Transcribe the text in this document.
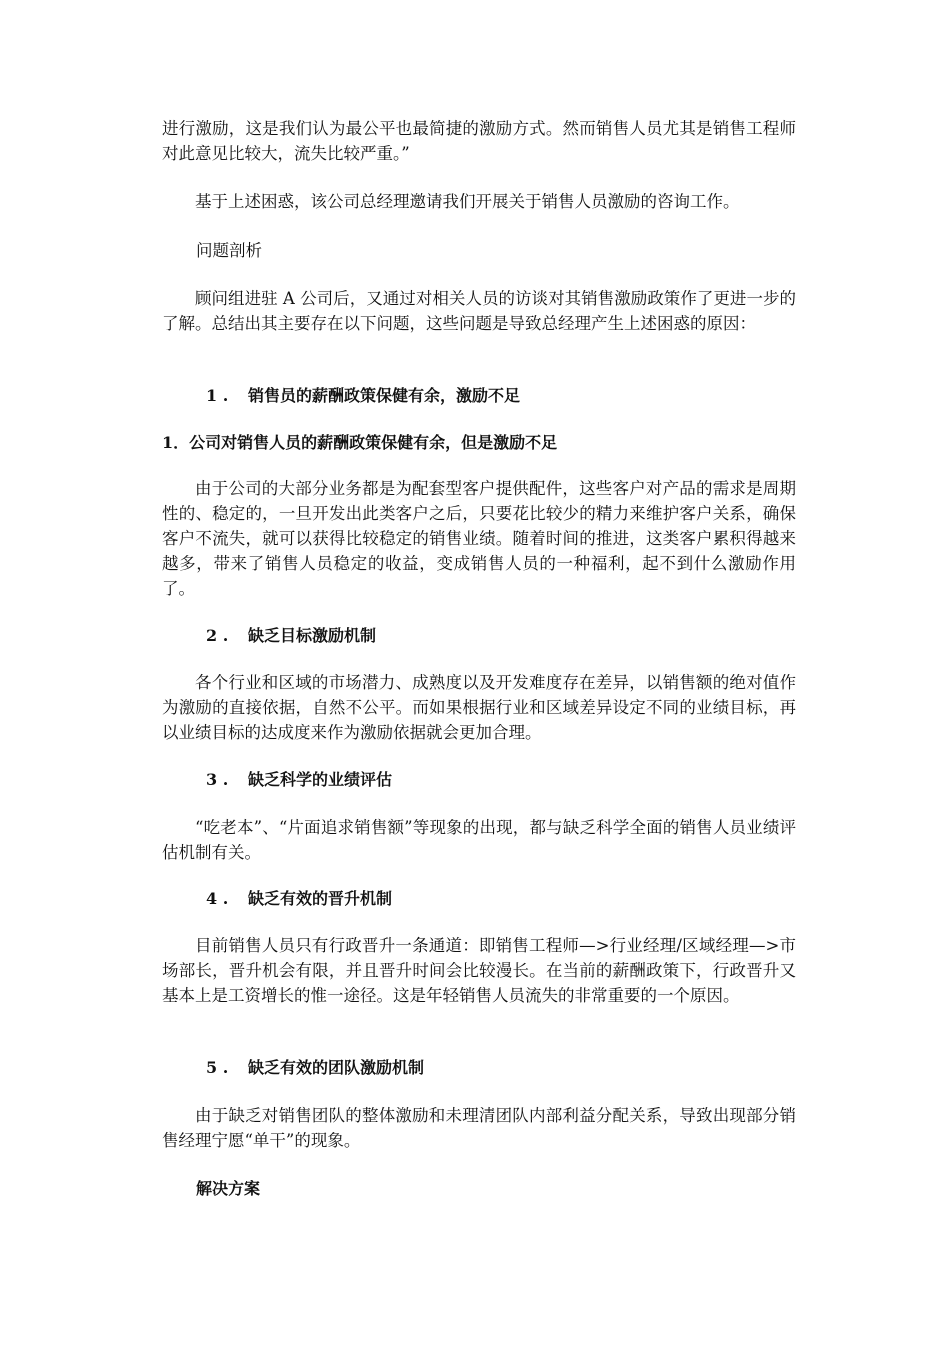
进行激励，这是我们认为最公平也最简捷的激励方式。然而销售人员尤其是销售工程师对此意见比较大，流失比较严重。”

基于上述困惑，该公司总经理邀请我们开展关于销售人员激励的咨询工作。

问题剖析

顾问组进驻 A 公司后，又通过对相关人员的访谈对其销售激励政策作了更进一步的了解。总结出其主要存在以下问题，这些问题是导致总经理产生上述困惑的原因：

1 . 销售员的薪酬政策保健有余，激励不足

1．公司对销售人员的薪酬政策保健有余，但是激励不足

由于公司的大部分业务都是为配套型客户提供配件，这些客户对产品的需求是周期性的、稳定的，一旦开发出此类客户之后，只要花比较少的精力来维护客户关系，确保客户不流失，就可以获得比较稳定的销售业绩。随着时间的推进，这类客户累积得越来越多，带来了销售人员稳定的收益，变成销售人员的一种福利，起不到什么激励作用了。

2 . 缺乏目标激励机制

各个行业和区域的市场潜力、成熟度以及开发难度存在差异，以销售额的绝对值作为激励的直接依据，自然不公平。而如果根据行业和区域差异设定不同的业绩目标，再以业绩目标的达成度来作为激励依据就会更加合理。

3 . 缺乏科学的业绩评估

“吃老本”、“片面追求销售额”等现象的出现，都与缺乏科学全面的销售人员业绩评估机制有关。

4 . 缺乏有效的晋升机制

目前销售人员只有行政晋升一条通道：即销售工程师—>行业经理/区域经理—>市场部长，晋升机会有限，并且晋升时间会比较漫长。在当前的薪酬政策下，行政晋升又基本上是工资增长的惟一途径。这是年轻销售人员流失的非常重要的一个原因。

5 . 缺乏有效的团队激励机制

由于缺乏对销售团队的整体激励和未理清团队内部利益分配关系，导致出现部分销售经理宁愿“单干”的现象。

解决方案
